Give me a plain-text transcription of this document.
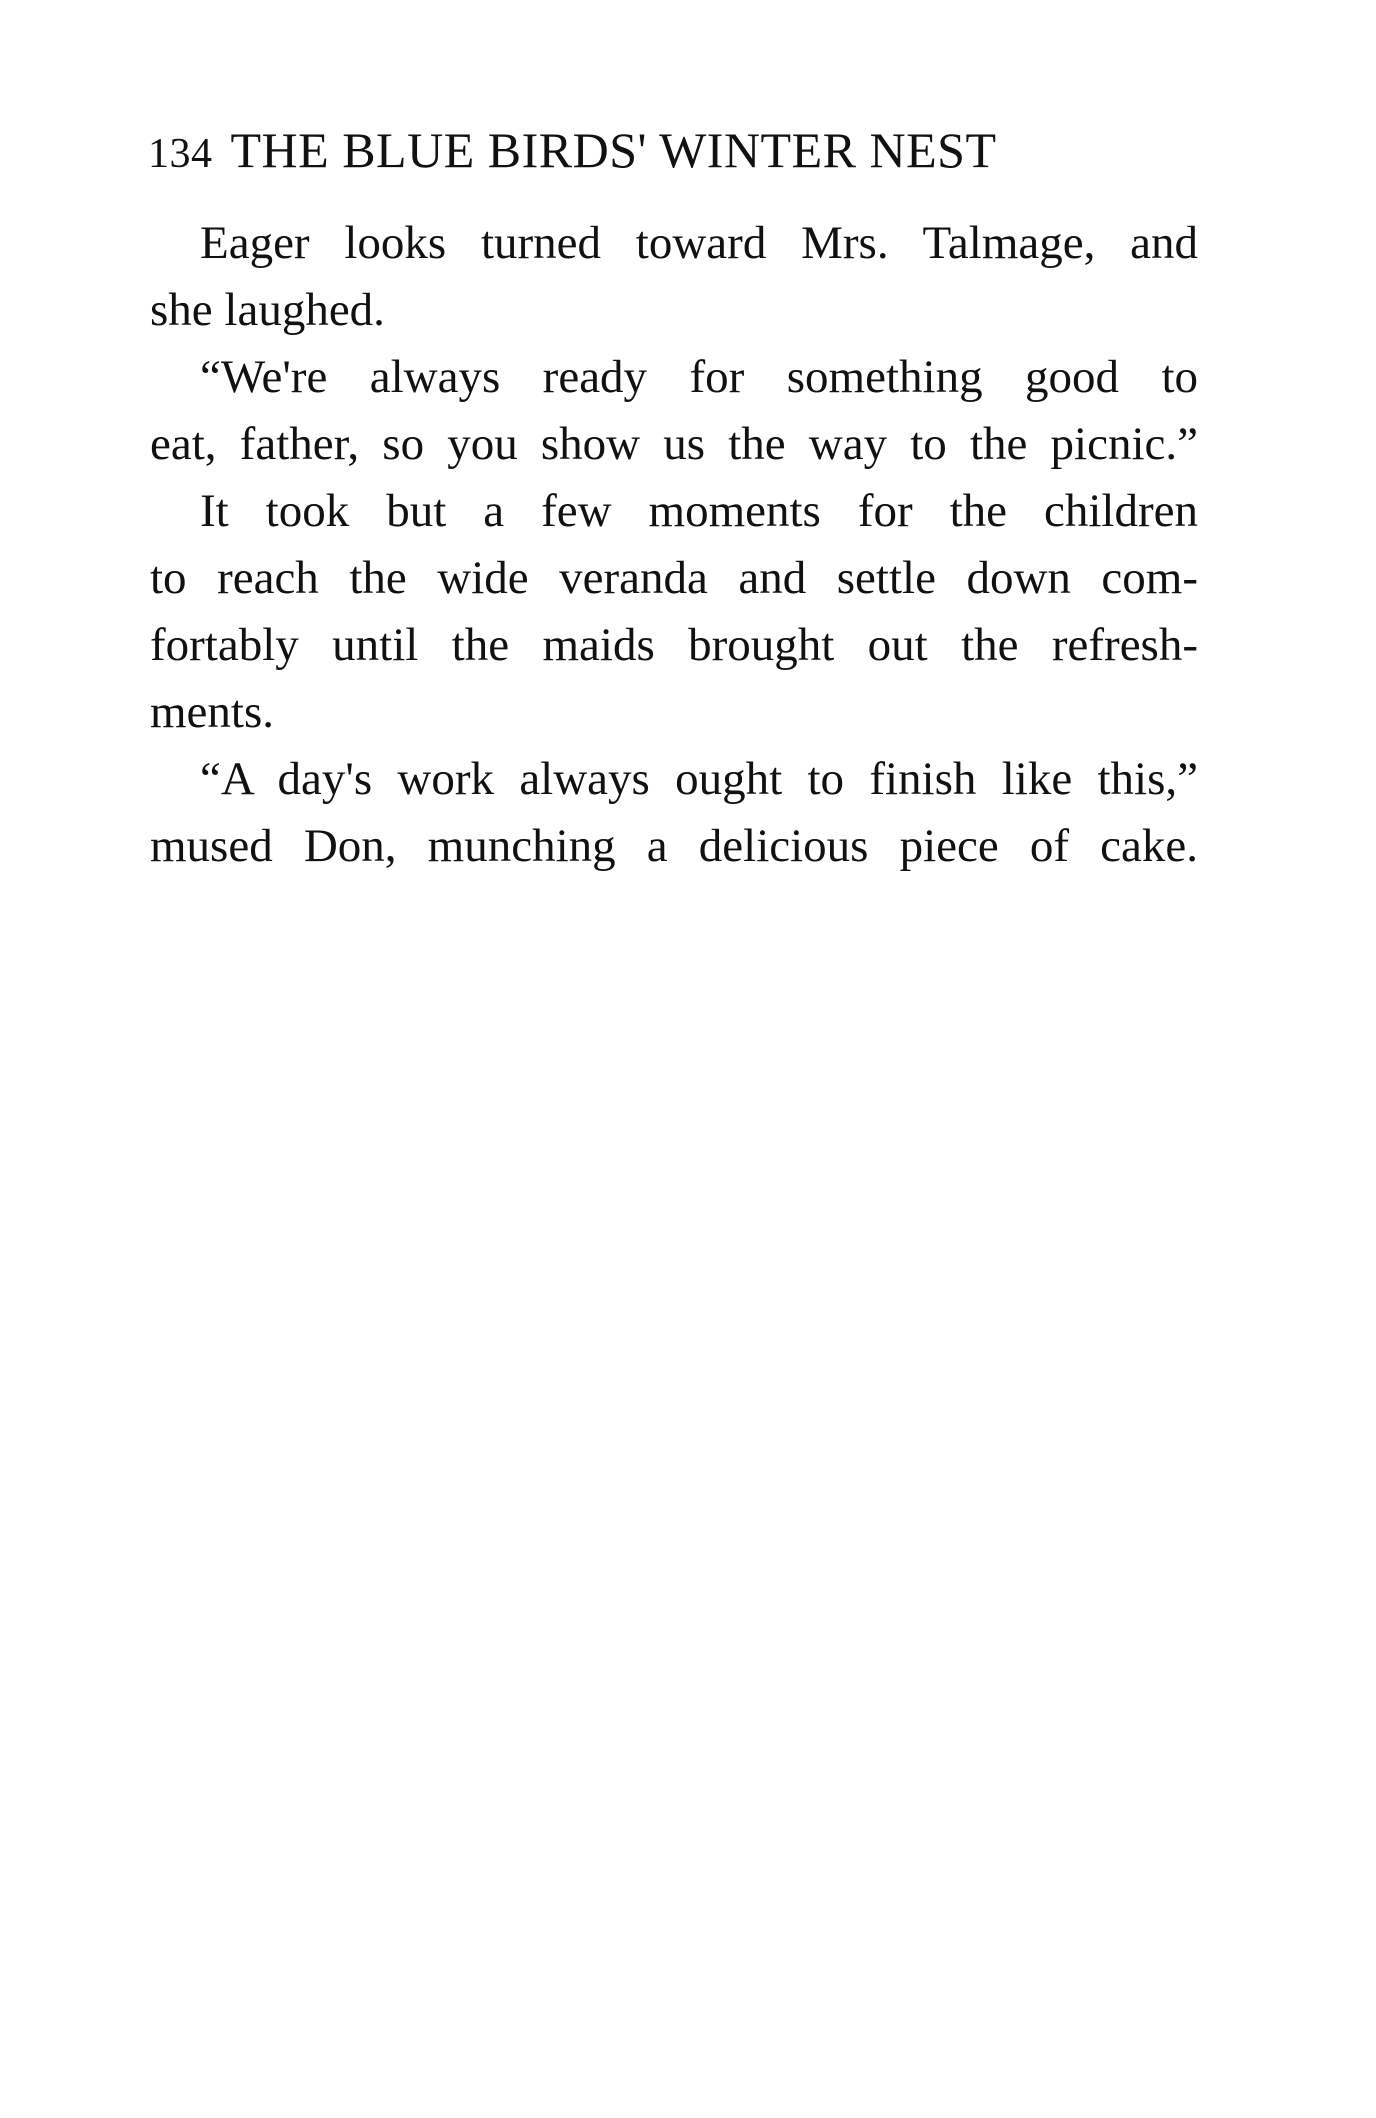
134 THE BLUE BIRDS' WINTER NEST
Eager looks turned toward Mrs. Talmage, and
she laughed.
“We're always ready for something good to
eat, father, so you show us the way to the picnic.”
It took but a few moments for the children
to reach the wide veranda and settle down com-
fortably until the maids brought out the refresh-
ments.
“A day's work always ought to finish like this,”
mused Don, munching a delicious piece of cake.
